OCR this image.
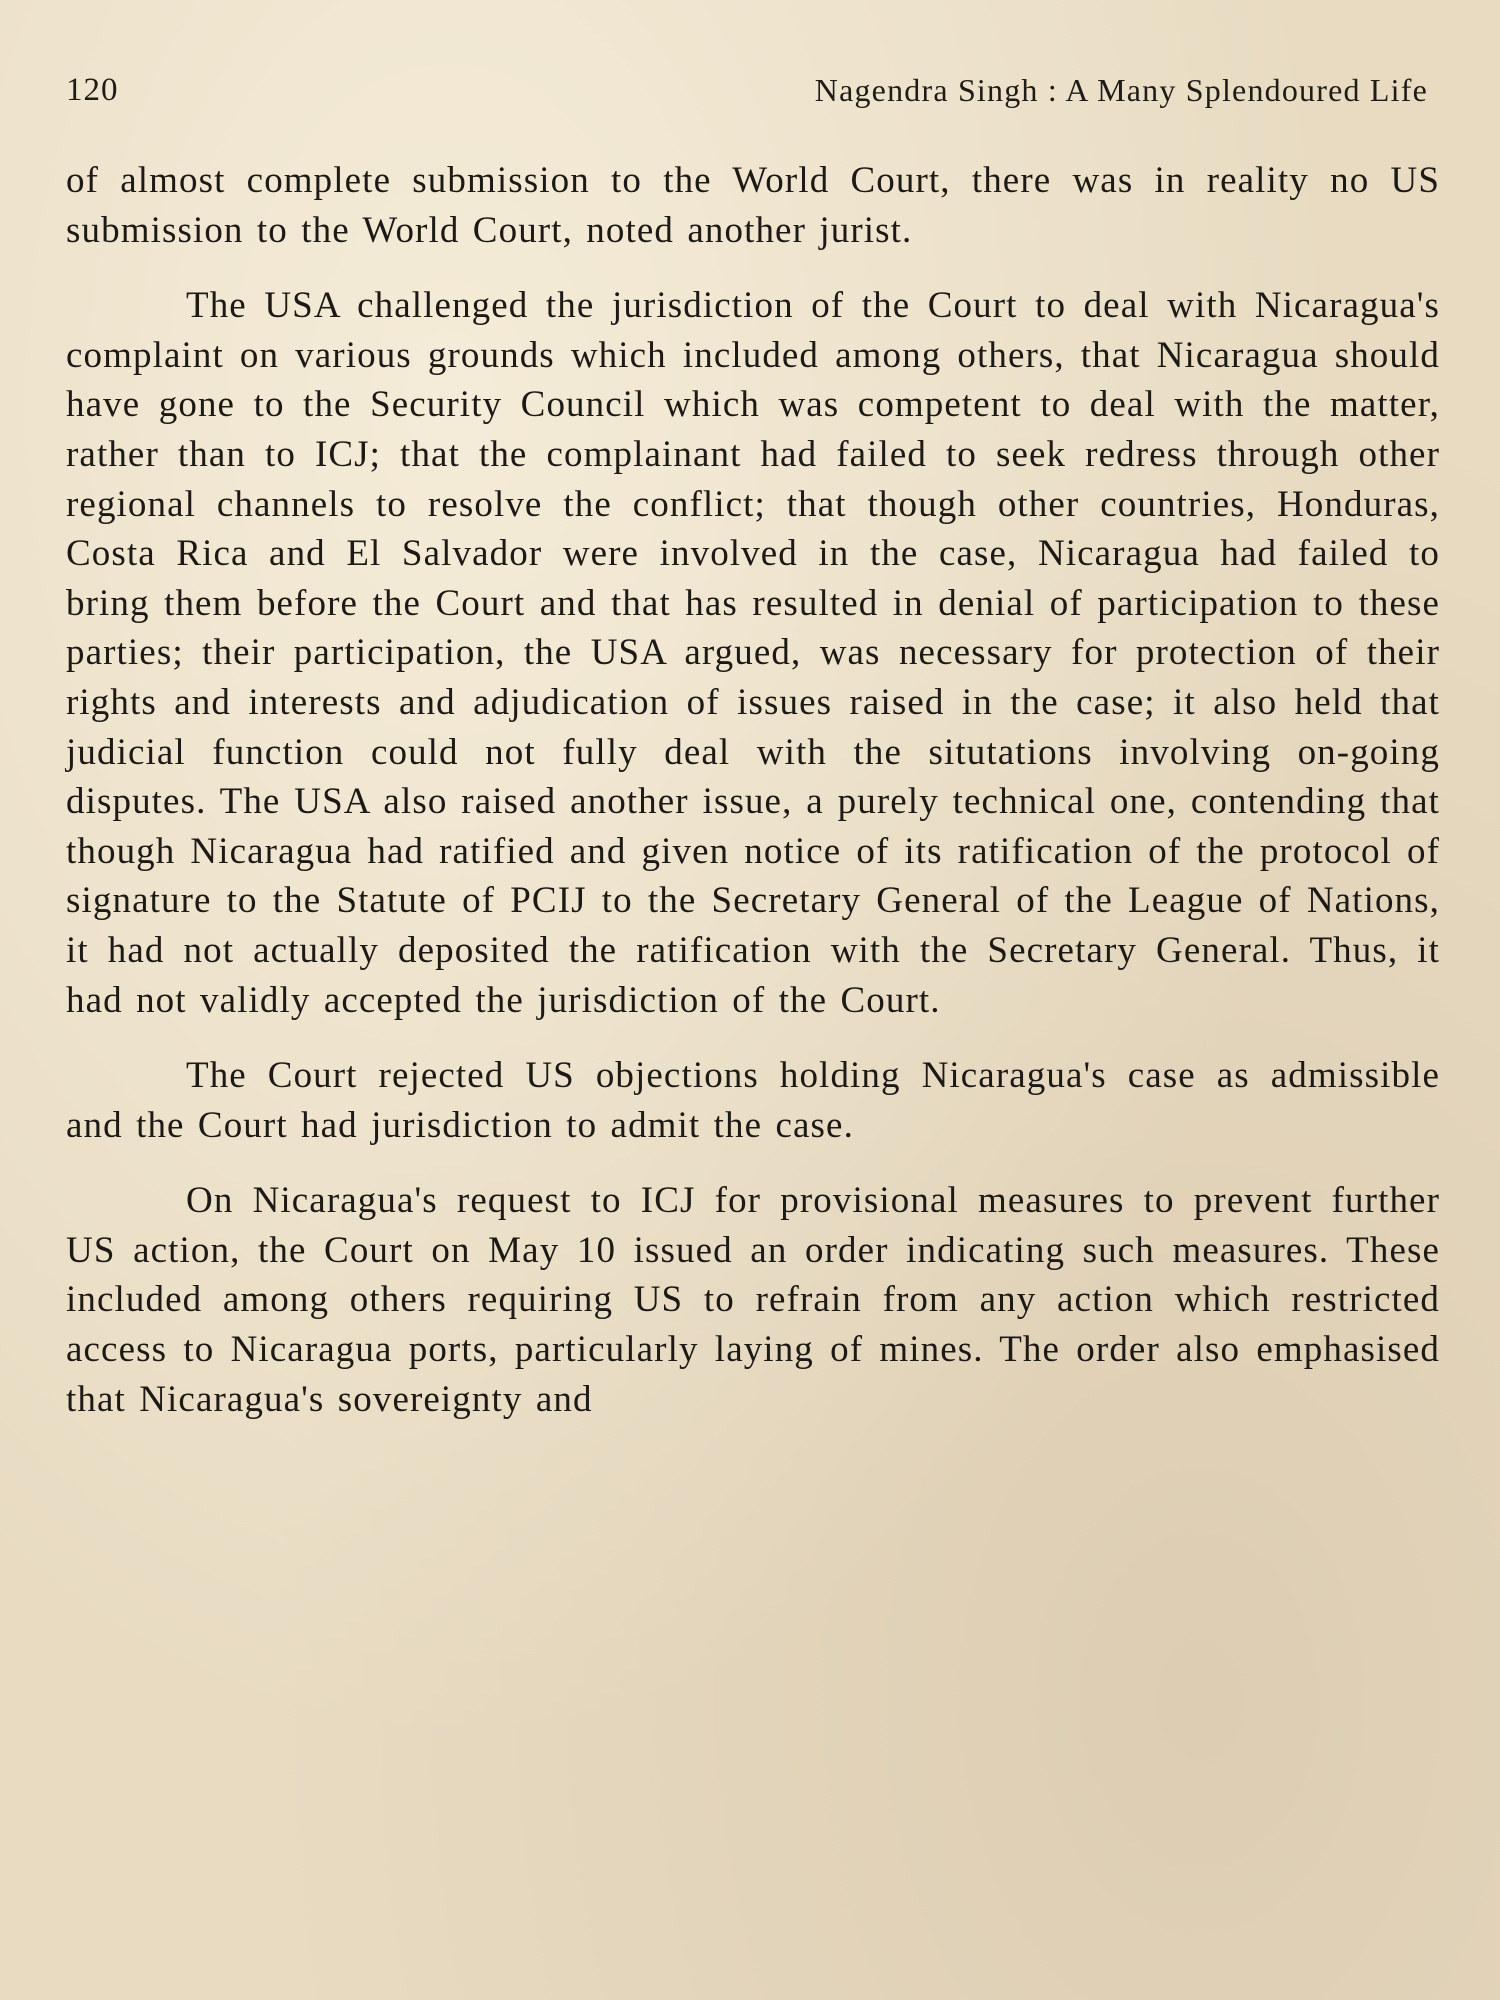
120	Nagendra Singh : A Many Splendoured Life

of almost complete submission to the World Court, there was in reality no US submission to the World Court, noted another jurist.

The USA challenged the jurisdiction of the Court to deal with Nicaragua's complaint on various grounds which included among others, that Nicaragua should have gone to the Security Council which was competent to deal with the matter, rather than to ICJ; that the complainant had failed to seek redress through other regional channels to resolve the conflict; that though other countries, Honduras, Costa Rica and El Salvador were involved in the case, Nicaragua had failed to bring them before the Court and that has resulted in denial of participation to these parties; their participation, the USA argued, was necessary for protection of their rights and interests and adjudication of issues raised in the case; it also held that judicial function could not fully deal with the situtations involving on-going disputes. The USA also raised another issue, a purely technical one, contending that though Nicaragua had ratified and given notice of its ratification of the protocol of signature to the Statute of PCIJ to the Secretary General of the League of Nations, it had not actually deposited the ratification with the Secretary General. Thus, it had not validly accepted the jurisdiction of the Court.

The Court rejected US objections holding Nicaragua's case as admissible and the Court had jurisdiction to admit the case.

On Nicaragua's request to ICJ for provisional measures to prevent further US action, the Court on May 10 issued an order indicating such measures. These included among others requiring US to refrain from any action which restricted access to Nicaragua ports, particularly laying of mines. The order also emphasised that Nicaragua's sovereignty and
